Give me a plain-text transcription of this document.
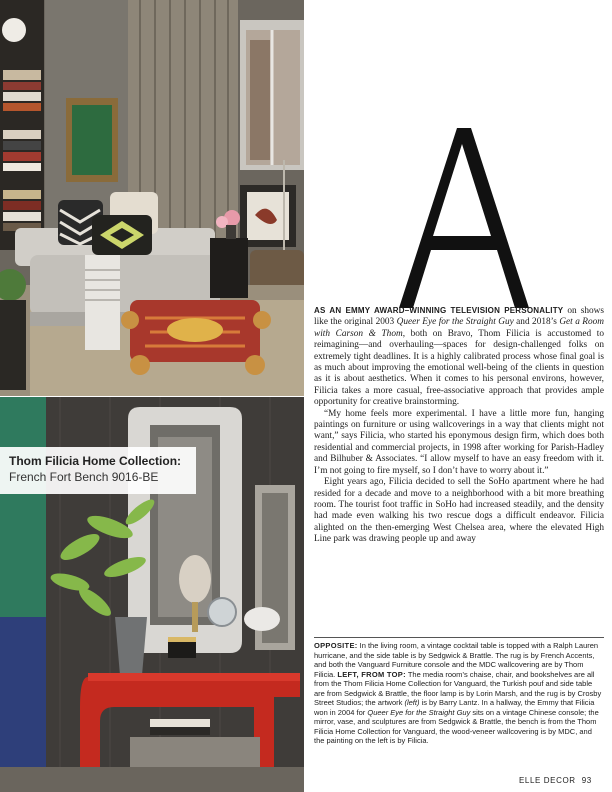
Thom Filicia Home Collection:
French Fort Bench 9016-BE
A

AS AN EMMY AWARD–WINNING TELEVISION PERSONALITY on shows like the original 2003 Queer Eye for the Straight Guy and 2018’s Get a Room with Carson & Thom, both on Bravo, Thom Filicia is accustomed to reimagining—and overhauling—spaces for design-challenged folks on extremely tight deadlines. It is a highly calibrated process whose final goal is as much about improving the emotional well-being of the clients in question as it is about aesthetics. When it comes to his personal environs, however, Filicia takes a more casual, free-associative approach that provides ample opportunity for creative brainstorming.

“My home feels more experimental. I have a little more fun, hanging paintings on furniture or using wallcoverings in a way that clients might not want,” says Filicia, who started his eponymous design firm, which does both residential and commercial projects, in 1998 after working for Parish-Hadley and Bilhuber & Associates. “I allow myself to have an easy freedom with it. I’m not going to fire myself, so I don’t have to worry about it.”

Eight years ago, Filicia decided to sell the SoHo apartment where he had resided for a decade and move to a neighborhood with a bit more breathing room. The tourist foot traffic in SoHo had increased steadily, and the density had made even walking his two rescue dogs a difficult endeavor. Filicia alighted on the then-emerging West Chelsea area, where the elevated High Line park was drawing people up and away

OPPOSITE: In the living room, a vintage cocktail table is topped with a Ralph Lauren hurricane, and the side table is by Sedgwick & Brattle. The rug is by French Accents, and both the Vanguard Furniture console and the MDC wallcovering are by Thom Filicia. LEFT, FROM TOP: The media room’s chaise, chair, and bookshelves are all from the Thom Filicia Home Collection for Vanguard, the Turkish pouf and side table are from Sedgwick & Brattle, the floor lamp is by Lorin Marsh, and the rug is by Crosby Street Studios; the artwork (left) is by Barry Lantz. In a hallway, the Emmy that Filicia won in 2004 for Queer Eye for the Straight Guy sits on a vintage Chinese console; the mirror, vase, and sculptures are from Sedgwick & Brattle, the bench is from the Thom Filicia Home Collection for Vanguard, the wood-veneer wallcovering is by MDC, and the painting on the left is by Filicia.
ELLE DECOR 93
